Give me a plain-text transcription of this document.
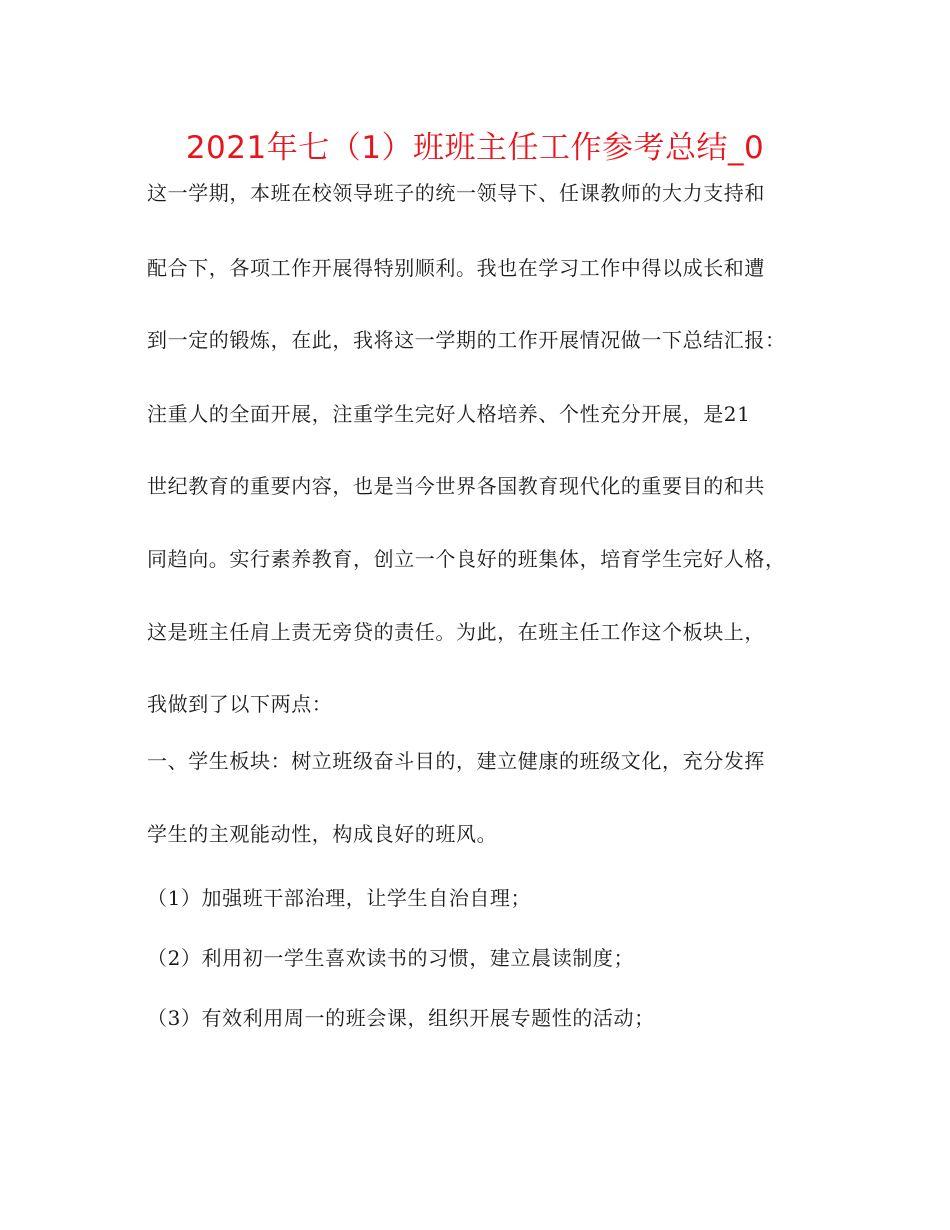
2021年七（1）班班主任工作参考总结_0
这一学期，本班在校领导班子的统一领导下、任课教师的大力支持和
配合下，各项工作开展得特别顺利。我也在学习工作中得以成长和遭
到一定的锻炼，在此，我将这一学期的工作开展情况做一下总结汇报：
注重人的全面开展，注重学生完好人格培养、个性充分开展，是21
世纪教育的重要内容，也是当今世界各国教育现代化的重要目的和共
同趋向。实行素养教育，创立一个良好的班集体，培育学生完好人格，
这是班主任肩上责无旁贷的责任。为此，在班主任工作这个板块上，
我做到了以下两点：
一、学生板块：树立班级奋斗目的，建立健康的班级文化，充分发挥
学生的主观能动性，构成良好的班风。
（1）加强班干部治理，让学生自治自理；
（2）利用初一学生喜欢读书的习惯，建立晨读制度；
（3）有效利用周一的班会课，组织开展专题性的活动；
